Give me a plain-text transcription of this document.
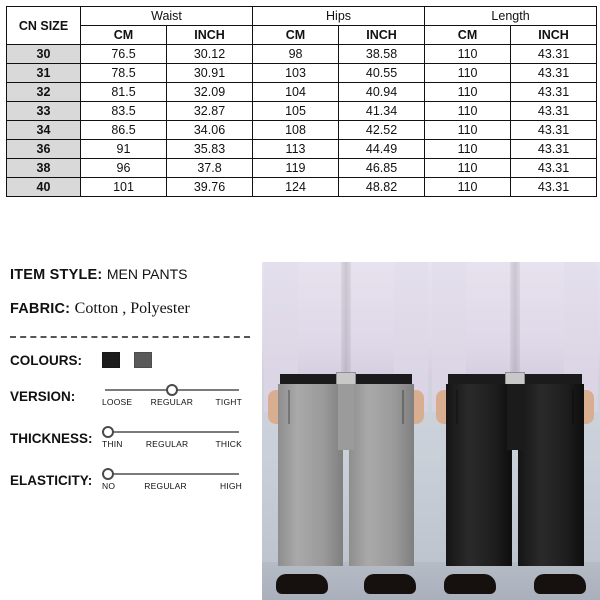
CN SIZE	Waist		Hips		Length	
	CM	INCH	CM	INCH	CM	INCH
30	76.5	30.12	98	38.58	110	43.31
31	78.5	30.91	103	40.55	110	43.31
32	81.5	32.09	104	40.94	110	43.31
33	83.5	32.87	105	41.34	110	43.31
34	86.5	34.06	108	42.52	110	43.31
36	91	35.83	113	44.49	110	43.31
38	96	37.8	119	46.85	110	43.31
40	101	39.76	124	48.82	110	43.31
ITEM STYLE: MEN PANTS
FABRIC: Cotton , Polyester
COLOURS:
VERSION:	LOOSE REGULAR	TIGHT
THICKNESS:	THIN	REGULAR	THICK
ELASTICITY:	NO	REGULAR	HIGH
